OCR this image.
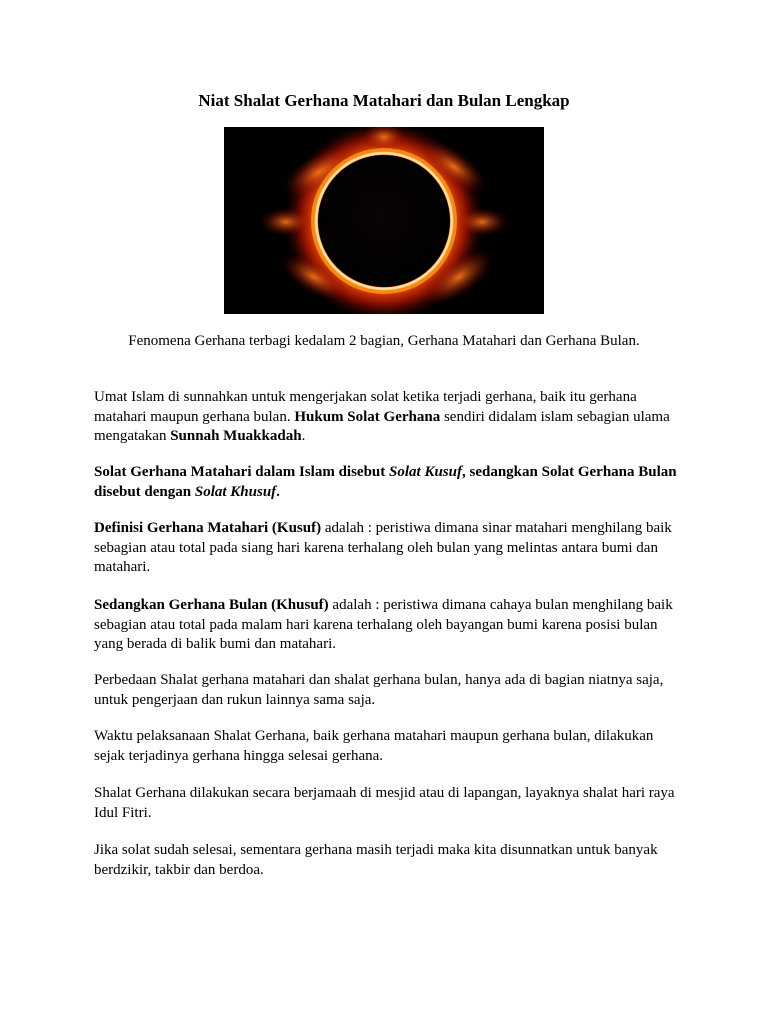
Niat Shalat Gerhana Matahari dan Bulan Lengkap
Fenomena Gerhana terbagi kedalam 2 bagian, Gerhana Matahari dan Gerhana Bulan.

Umat Islam di sunnahkan untuk mengerjakan solat ketika terjadi gerhana, baik itu gerhana matahari maupun gerhana bulan. Hukum Solat Gerhana sendiri didalam islam sebagian ulama mengatakan Sunnah Muakkadah.

Solat Gerhana Matahari dalam Islam disebut Solat Kusuf, sedangkan Solat Gerhana Bulan disebut dengan Solat Khusuf.

Definisi Gerhana Matahari (Kusuf) adalah : peristiwa dimana sinar matahari menghilang baik sebagian atau total pada siang hari karena terhalang oleh bulan yang melintas antara bumi dan matahari.

Sedangkan Gerhana Bulan (Khusuf) adalah : peristiwa dimana cahaya bulan menghilang baik sebagian atau total pada malam hari karena terhalang oleh bayangan bumi karena posisi bulan yang berada di balik bumi dan matahari.

Perbedaan Shalat gerhana matahari dan shalat gerhana bulan, hanya ada di bagian niatnya saja, untuk pengerjaan dan rukun lainnya sama saja.

Waktu pelaksanaan Shalat Gerhana, baik gerhana matahari maupun gerhana bulan, dilakukan sejak terjadinya gerhana hingga selesai gerhana.

Shalat Gerhana dilakukan secara berjamaah di mesjid atau di lapangan, layaknya shalat hari raya Idul Fitri.

Jika solat sudah selesai, sementara gerhana masih terjadi maka kita disunnatkan untuk banyak berdzikir, takbir dan berdoa.
